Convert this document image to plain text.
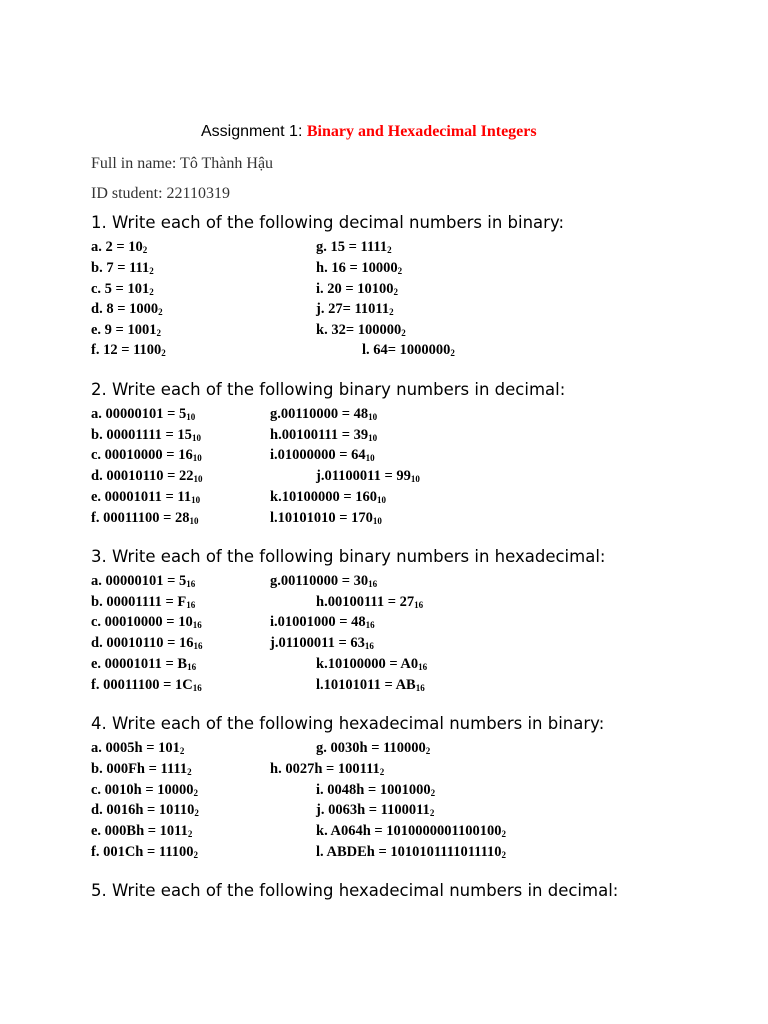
Assignment 1: Binary and Hexadecimal Integers
Full in name: Tô Thành Hậu
ID student: 22110319
1. Write each of the following decimal numbers in binary:
a. $2 = 10_2$
b. $7 = 111_2$
c. $5 = 101_2$
d. $8 = 1000_2$
e. $9 = 1001_2$
f. $12 = 1100_2$
g. $15 = 1111_2$
h. $16 = 10000_2$
i. $20 = 10100_2$
j. $27= 11011_2$
k. $32= 100000_2$
l. $64= 1000000_2$
2. Write each of the following binary numbers in decimal:
a. $00000101 = 5_{10}$
b. $00001111 = 15_{10}$
c. $00010000 = 16_{10}$
d. $00010110 = 22_{10}$
e. $00001011 = 11_{10}$
f. $00011100 = 28_{10}$
$g.00110000 = 48_{10}$
$h.00100111 = 39_{10}$
$i.01000000 = 64_{10}$
$j.01100011 = 99_{10}$
$k.10100000 = 160_{10}$
$l.10101010 = 170_{10}$
3. Write each of the following binary numbers in hexadecimal:
a. $00000101 = 5_{16}$
b. $00001111 = F_{16}$
c. $00010000 = 10_{16}$
d. $00010110 = 16_{16}$
e. $00001011 = B_{16}$
f. $00011100 = 1C_{16}$
$g.00110000 = 30_{16}$
$h.00100111 = 27_{16}$
$i.01001000 = 48_{16}$
$j.01100011 = 63_{16}$
$k.10100000 = A0_{16}$
$l.10101011 = AB_{16}$
4. Write each of the following hexadecimal numbers in binary:
a. $0005h = 101_2$
b. $000Fh = 1111_2$
c. $0010h = 10000_2$
d. $0016h = 10110_2$
e. $000Bh = 1011_2$
f. $001Ch = 11100_2$
g. $0030h = 110000_2$
h. $0027h = 100111_2$
i. $0048h = 1001000_2$
j. $0063h = 1100011_2$
k. $A064h = 1010000001100100_2$
l. ABDEh = $1010101111011110_2$
5. Write each of the following hexadecimal numbers in decimal:
